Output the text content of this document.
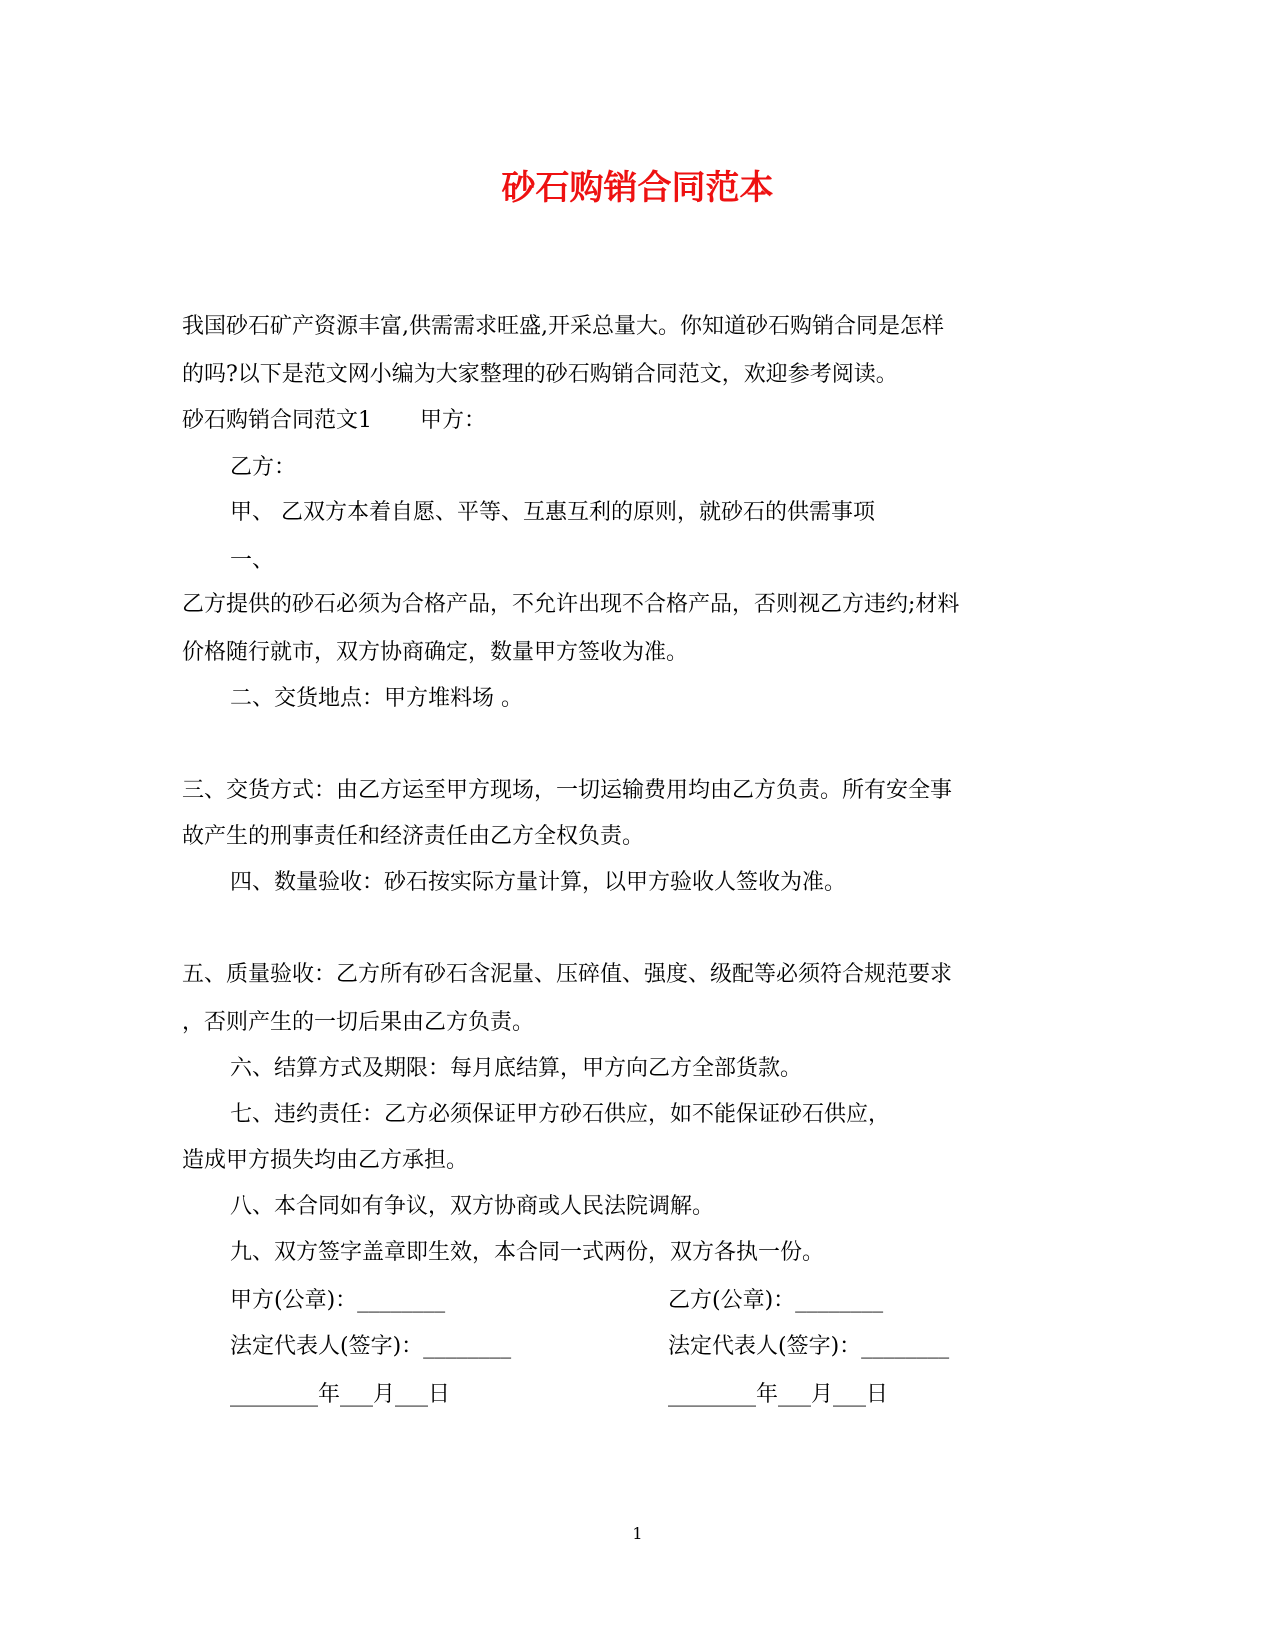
砂石购销合同范本

我国砂石矿产资源丰富,供需需求旺盛,开采总量大。你知道砂石购销合同是怎样

的吗?以下是范文网小编为大家整理的砂石购销合同范文，欢迎参考阅读。

砂石购销合同范文1 甲方：

乙方：

甲、 乙双方本着自愿、平等、互惠互利的原则，就砂石的供需事项

一、

乙方提供的砂石必须为合格产品，不允许出现不合格产品，否则视乙方违约;材料

价格随行就市，双方协商确定，数量甲方签收为准。

二、交货地点：甲方堆料场 。

三、交货方式：由乙方运至甲方现场，一切运输费用均由乙方负责。所有安全事

故产生的刑事责任和经济责任由乙方全权负责。

四、数量验收：砂石按实际方量计算，以甲方验收人签收为准。

五、质量验收：乙方所有砂石含泥量、压碎值、强度、级配等必须符合规范要求

，否则产生的一切后果由乙方负责。

六、结算方式及期限：每月底结算，甲方向乙方全部货款。

七、违约责任：乙方必须保证甲方砂石供应，如不能保证砂石供应，

造成甲方损失均由乙方承担。

八、本合同如有争议，双方协商或人民法院调解。

九、双方签字盖章即生效，本合同一式两份，双方各执一份。

甲方(公章)：________	乙方(公章)：________
法定代表人(签字)：________	法定代表人(签字)：________
________年___月___日	________年___月___日
1
